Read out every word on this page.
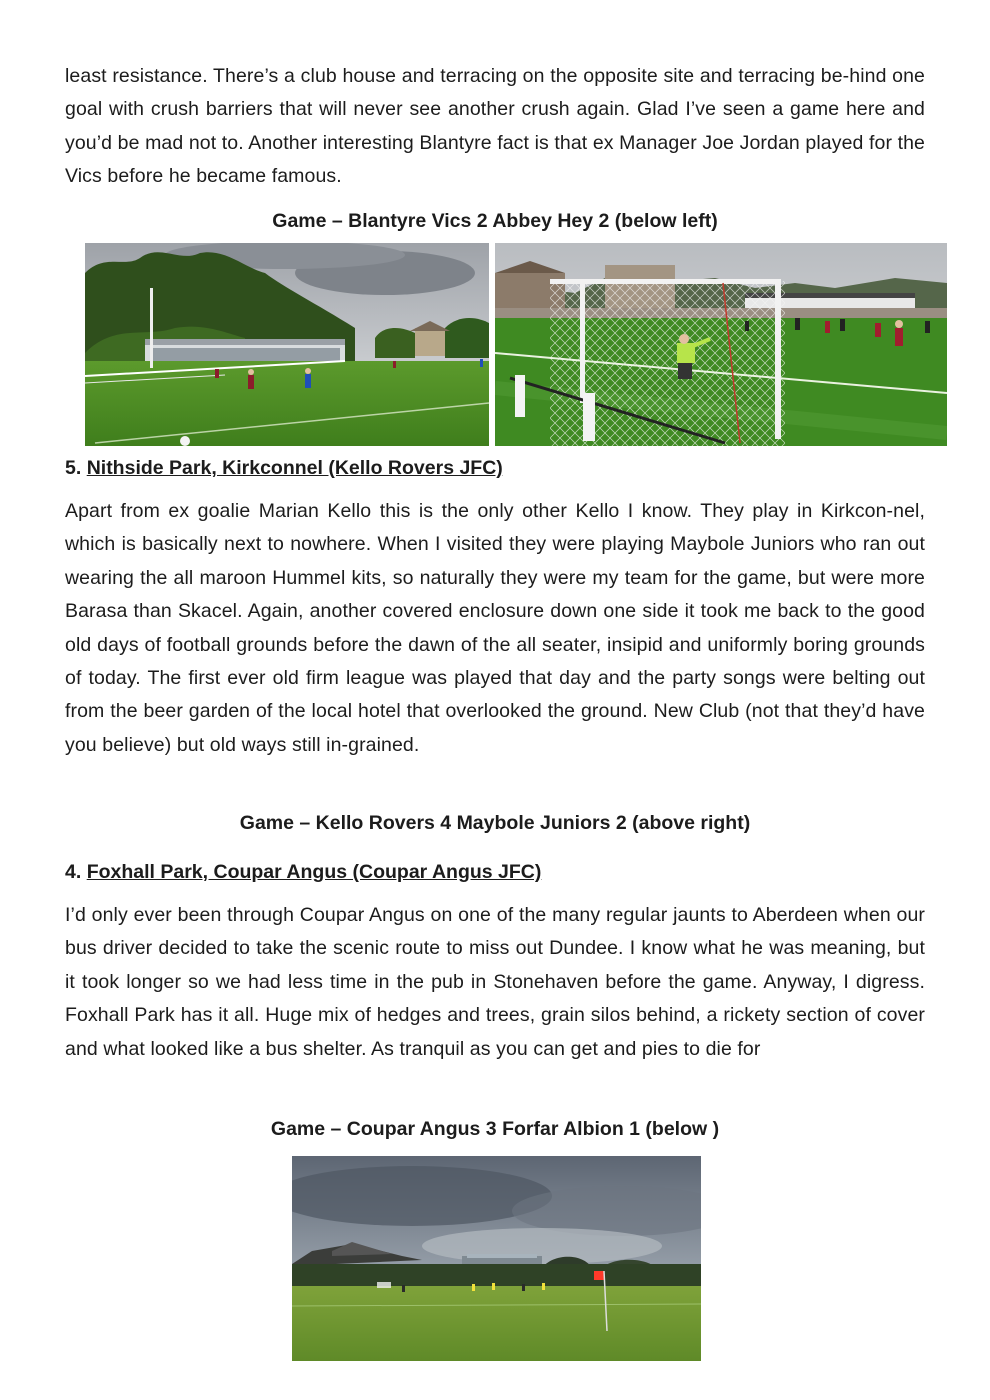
least resistance. There’s a club house and terracing on the opposite site and terracing be-hind one goal with crush barriers that will never see another crush again. Glad I’ve seen a game here and you’d be mad not to. Another interesting Blantyre fact is that ex Manager Joe Jordan played for the Vics before he became famous.

Game – Blantyre Vics 2 Abbey Hey 2 (below left)

5. Nithside Park, Kirkconnel (Kello Rovers JFC)

Apart from ex goalie Marian Kello this is the only other Kello I know. They play in Kirkcon-nel, which is basically next to nowhere. When I visited they were playing Maybole Juniors who ran out wearing the all maroon Hummel kits, so naturally they were my team for the game, but were more Barasa than Skacel. Again, another covered enclosure down one side it took me back to the good old days of football grounds before the dawn of the all seater, insipid and uniformly boring grounds of today. The first ever old firm league was played that day and the party songs were belting out from the beer garden of the local hotel that overlooked the ground. New Club (not that they’d have you believe) but old ways still in-grained.

Game – Kello Rovers 4 Maybole Juniors 2 (above right)

4. Foxhall Park, Coupar Angus (Coupar Angus JFC)

I’d only ever been through Coupar Angus on one of the many regular jaunts to Aberdeen when our bus driver decided to take the scenic route to miss out Dundee. I know what he was meaning, but it took longer so we had less time in the pub in Stonehaven before the game. Anyway, I digress. Foxhall Park has it all. Huge mix of hedges and trees, grain silos behind, a rickety section of cover and what looked like a bus shelter. As tranquil as you can get and pies to die for

Game – Coupar Angus 3 Forfar Albion 1 (below )
